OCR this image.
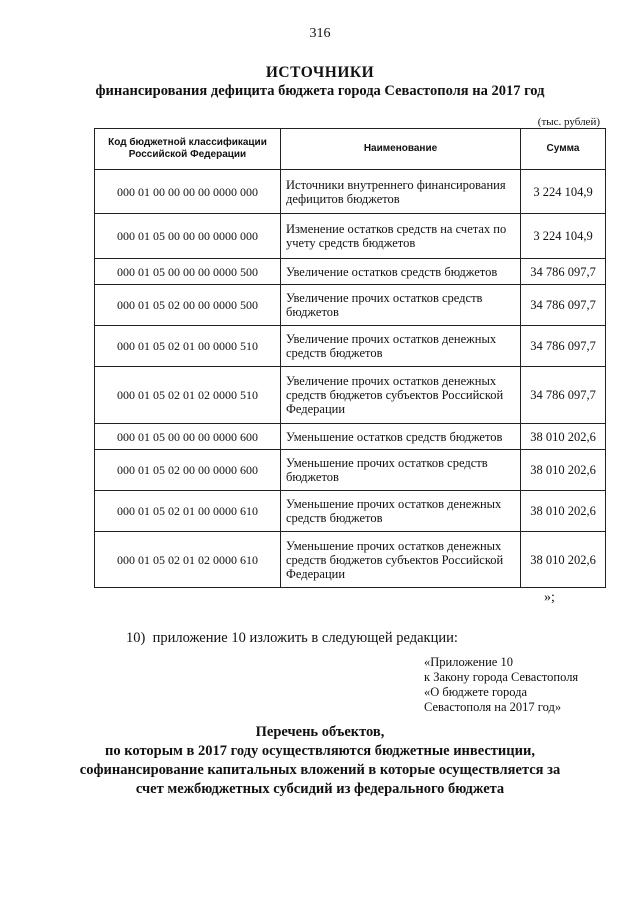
316
ИСТОЧНИКИ
финансирования дефицита бюджета города Севастополя на 2017 год
(тыс. рублей)
Код бюджетной классификации Российской Федерации	Наименование	Сумма
000 01 00 00 00 00 0000 000	Источники внутреннего финансирования дефицитов бюджетов	3 224 104,9
000 01 05 00 00 00 0000 000	Изменение остатков средств на счетах по учету средств бюджетов	3 224 104,9
000 01 05 00 00 00 0000 500	Увеличение остатков средств бюджетов	34 786 097,7
000 01 05 02 00 00 0000 500	Увеличение прочих остатков средств бюджетов	34 786 097,7
000 01 05 02 01 00 0000 510	Увеличение прочих остатков денежных средств бюджетов	34 786 097,7
000 01 05 02 01 02 0000 510	Увеличение прочих остатков денежных средств бюджетов субъектов Российской Федерации	34 786 097,7
000 01 05 00 00 00 0000 600	Уменьшение остатков средств бюджетов	38 010 202,6
000 01 05 02 00 00 0000 600	Уменьшение прочих остатков средств бюджетов	38 010 202,6
000 01 05 02 01 00 0000 610	Уменьшение прочих остатков денежных средств бюджетов	38 010 202,6
000 01 05 02 01 02 0000 610	Уменьшение прочих остатков денежных средств бюджетов субъектов Российской Федерации	38 010 202,6
»;
10)  приложение 10 изложить в следующей редакции:
«Приложение 10
к Закону города Севастополя
«О бюджете города
Севастополя на 2017 год»
Перечень объектов,
по которым в 2017 году осуществляются бюджетные инвестиции,
софинансирование капитальных вложений в которые осуществляется за
счет межбюджетных субсидий из федерального бюджета
